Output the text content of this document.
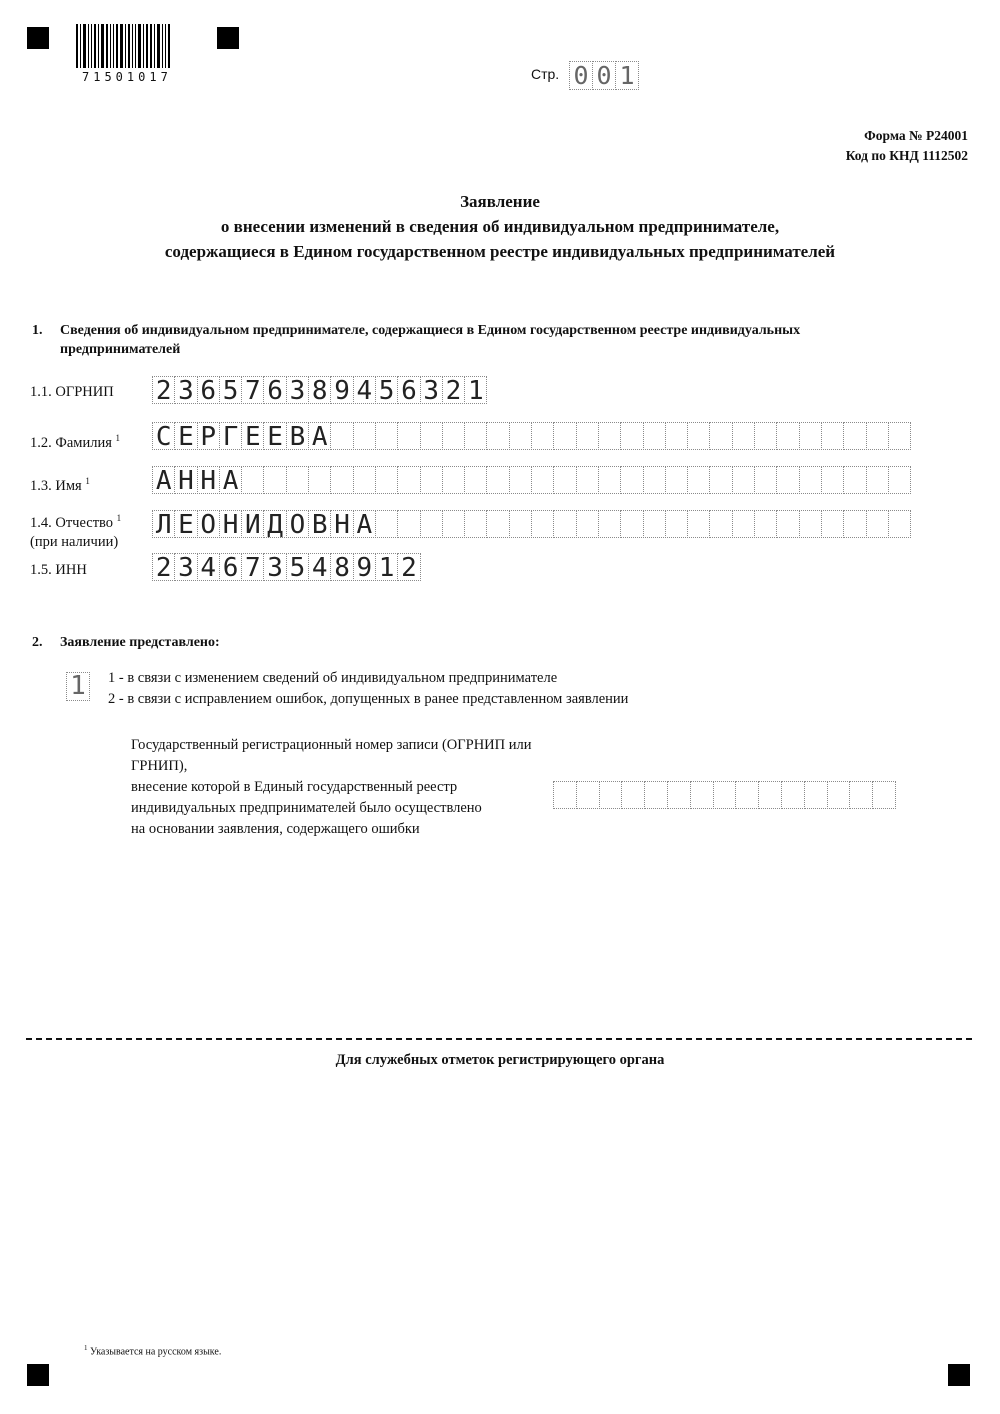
71501017	Стр. 0 0 1
Форма № Р24001
Код по КНД 1112502
Заявление
о внесении изменений в сведения об индивидуальном предпринимателе,
содержащиеся в Едином государственном реестре индивидуальных предпринимателей
1. Сведения об индивидуальном предпринимателе, содержащиеся в Едином государственном реестре индивидуальных
предпринимателей
1.1. ОГРНИП 2 3 6 5 7 6 3 8 9 4 5 6 3 2 1
1.2. Фамилия $^1$ С Е Р Г Е Е В А
1.3. Имя $^1$	А Н Н А
1.4. Отчество $^1$
(при наличии)
Л Е О Н И Д О В Н А
1.5. ИНН	2 3 4 6 7 3 5 4 8 9 1 2
2. Заявление представлено:
1 1 - в связи с изменением сведений об индивидуальном предпринимателе
2 - в связи с исправлением ошибок, допущенных в ранее представленном заявлении
Государственный регистрационный номер записи (ОГРНИП или ГРНИП),
внесение которой в Единый государственный реестр
индивидуальных предпринимателей было осуществлено
на основании заявления, содержащего ошибки
Для служебных отметок регистрирующего органа
$^1$ Указывается на русском языке.
